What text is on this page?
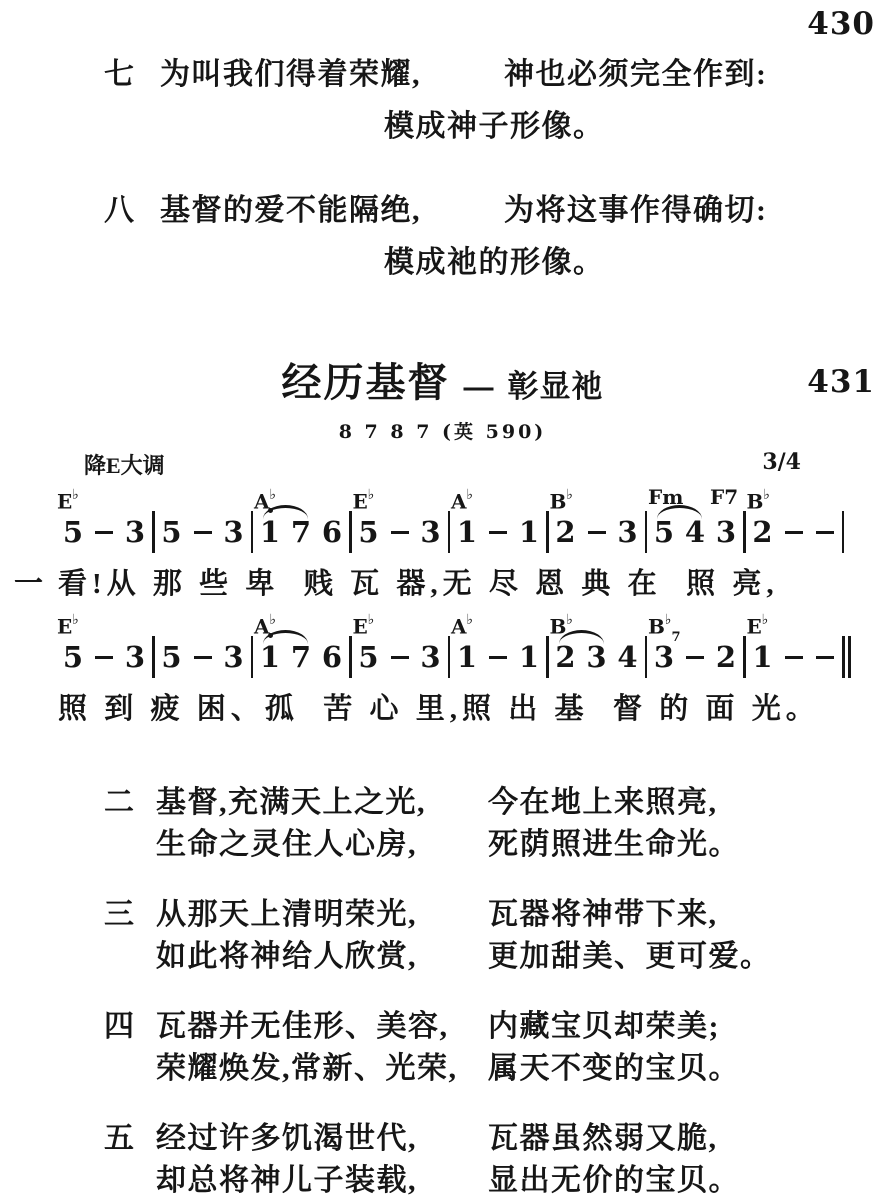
430
七 为叫我们得着荣耀,	神也必须完全作到:
模成神子形像。
八 基督的爱不能隔绝,	为将这事作得确切:
模成祂的形像。
经历基督 — 彰显祂	431
8 7 8 7 (英 590)
降E大调	3/4
5
E♭
3 5 3 1
A♭
7 6 5
E♭
3 1
A♭
1 2
B♭
3 5
Fm
4 3
F7
2
B♭
一 看!从 那 些 卑  贱 瓦 器,无 尽 恩 典 在  照 亮,
5
E♭
3 5 3 1
A♭
7 6 5
E♭
3 1
A♭
1 2
B♭
3 4 3
$B^♭_7$
2 1
E♭
照 到 疲 困、孤  苦 心 里,照 出 基  督 的 面 光。
二 基督,充满天上之光,	今在地上来照亮,
生命之灵住人心房,	死荫照进生命光。
三 从那天上清明荣光,	瓦器将神带下来,
如此将神给人欣赏,	更加甜美、更可爱。
四 瓦器并无佳形、美容,	内藏宝贝却荣美;
荣耀焕发,常新、光荣,	属天不变的宝贝。
五 经过许多饥渴世代,	瓦器虽然弱又脆,
却总将神儿子装载,	显出无价的宝贝。
